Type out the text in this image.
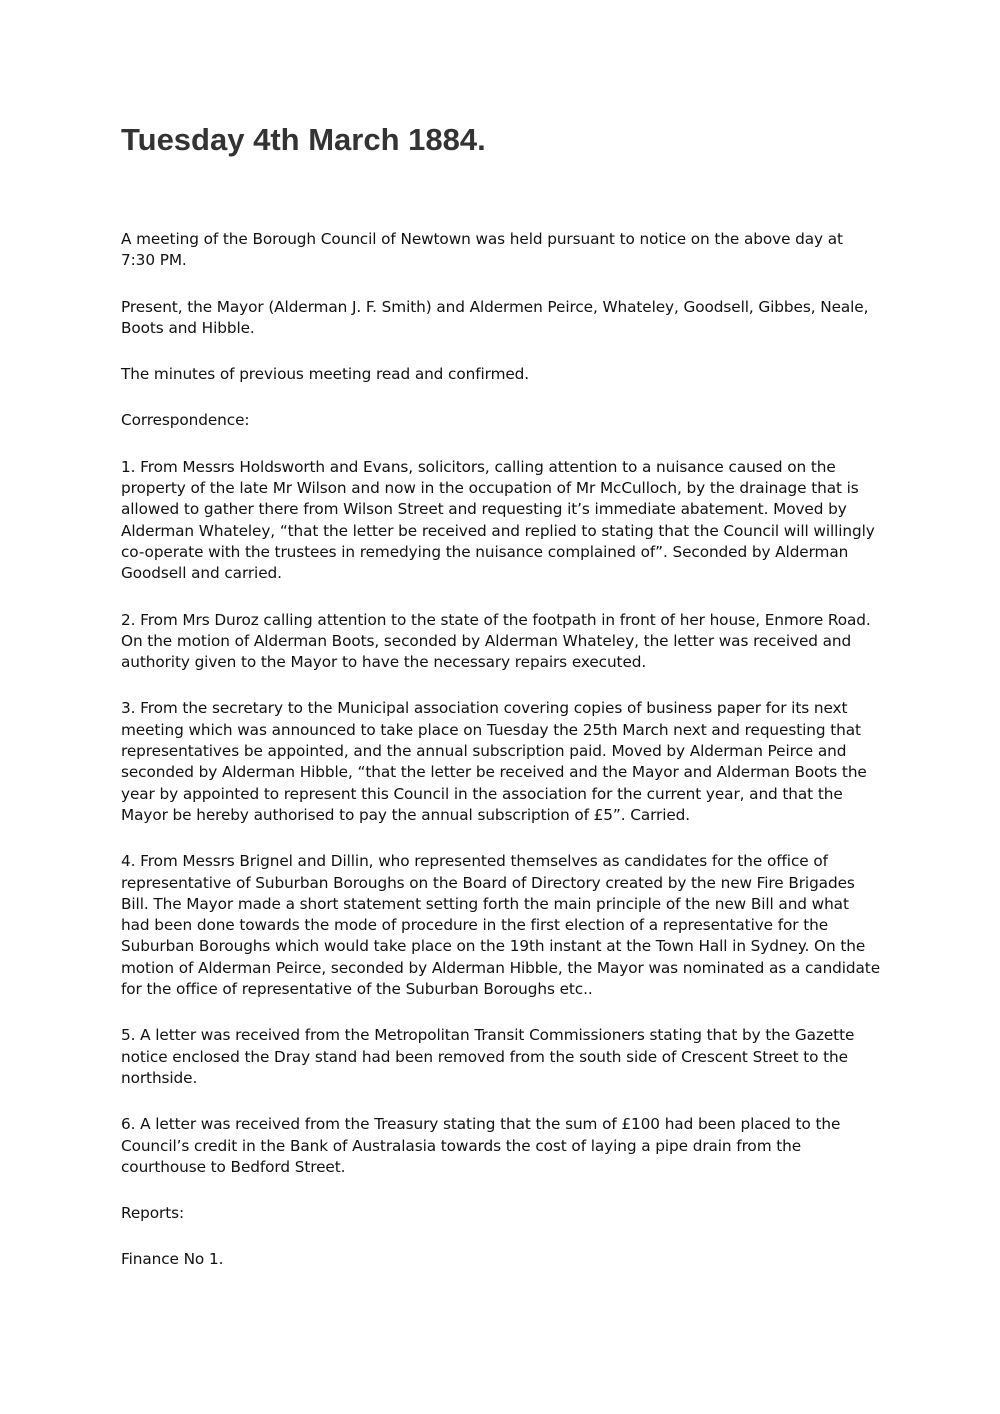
Tuesday 4th March 1884.

A meeting of the Borough Council of Newtown was held pursuant to notice on the above day at 7:30 PM.

Present, the Mayor (Alderman J. F. Smith) and Aldermen Peirce, Whateley, Goodsell, Gibbes, Neale, Boots and Hibble.

The minutes of previous meeting read and confirmed.

Correspondence:

1. From Messrs Holdsworth and Evans, solicitors, calling attention to a nuisance caused on the property of the late Mr Wilson and now in the occupation of Mr McCulloch, by the drainage that is allowed to gather there from Wilson Street and requesting it’s immediate abatement. Moved by Alderman Whateley, “that the letter be received and replied to stating that the Council will willingly co-operate with the trustees in remedying the nuisance complained of”. Seconded by Alderman Goodsell and carried.

2. From Mrs Duroz calling attention to the state of the footpath in front of her house, Enmore Road. On the motion of Alderman Boots, seconded by Alderman Whateley, the letter was received and authority given to the Mayor to have the necessary repairs executed.

3. From the secretary to the Municipal association covering copies of business paper for its next meeting which was announced to take place on Tuesday the 25th March next and requesting that representatives be appointed, and the annual subscription paid. Moved by Alderman Peirce and seconded by Alderman Hibble, “that the letter be received and the Mayor and Alderman Boots the year by appointed to represent this Council in the association for the current year, and that the Mayor be hereby authorised to pay the annual subscription of £5”. Carried.

4. From Messrs Brignel and Dillin, who represented themselves as candidates for the office of representative of Suburban Boroughs on the Board of Directory created by the new Fire Brigades Bill. The Mayor made a short statement setting forth the main principle of the new Bill and what had been done towards the mode of procedure in the first election of a representative for the Suburban Boroughs which would take place on the 19th instant at the Town Hall in Sydney. On the motion of Alderman Peirce, seconded by Alderman Hibble, the Mayor was nominated as a candidate for the office of representative of the Suburban Boroughs etc..

5. A letter was received from the Metropolitan Transit Commissioners stating that by the Gazette notice enclosed the Dray stand had been removed from the south side of Crescent Street to the northside.

6. A letter was received from the Treasury stating that the sum of £100 had been placed to the Council’s credit in the Bank of Australasia towards the cost of laying a pipe drain from the courthouse to Bedford Street.

Reports:

Finance No 1.
